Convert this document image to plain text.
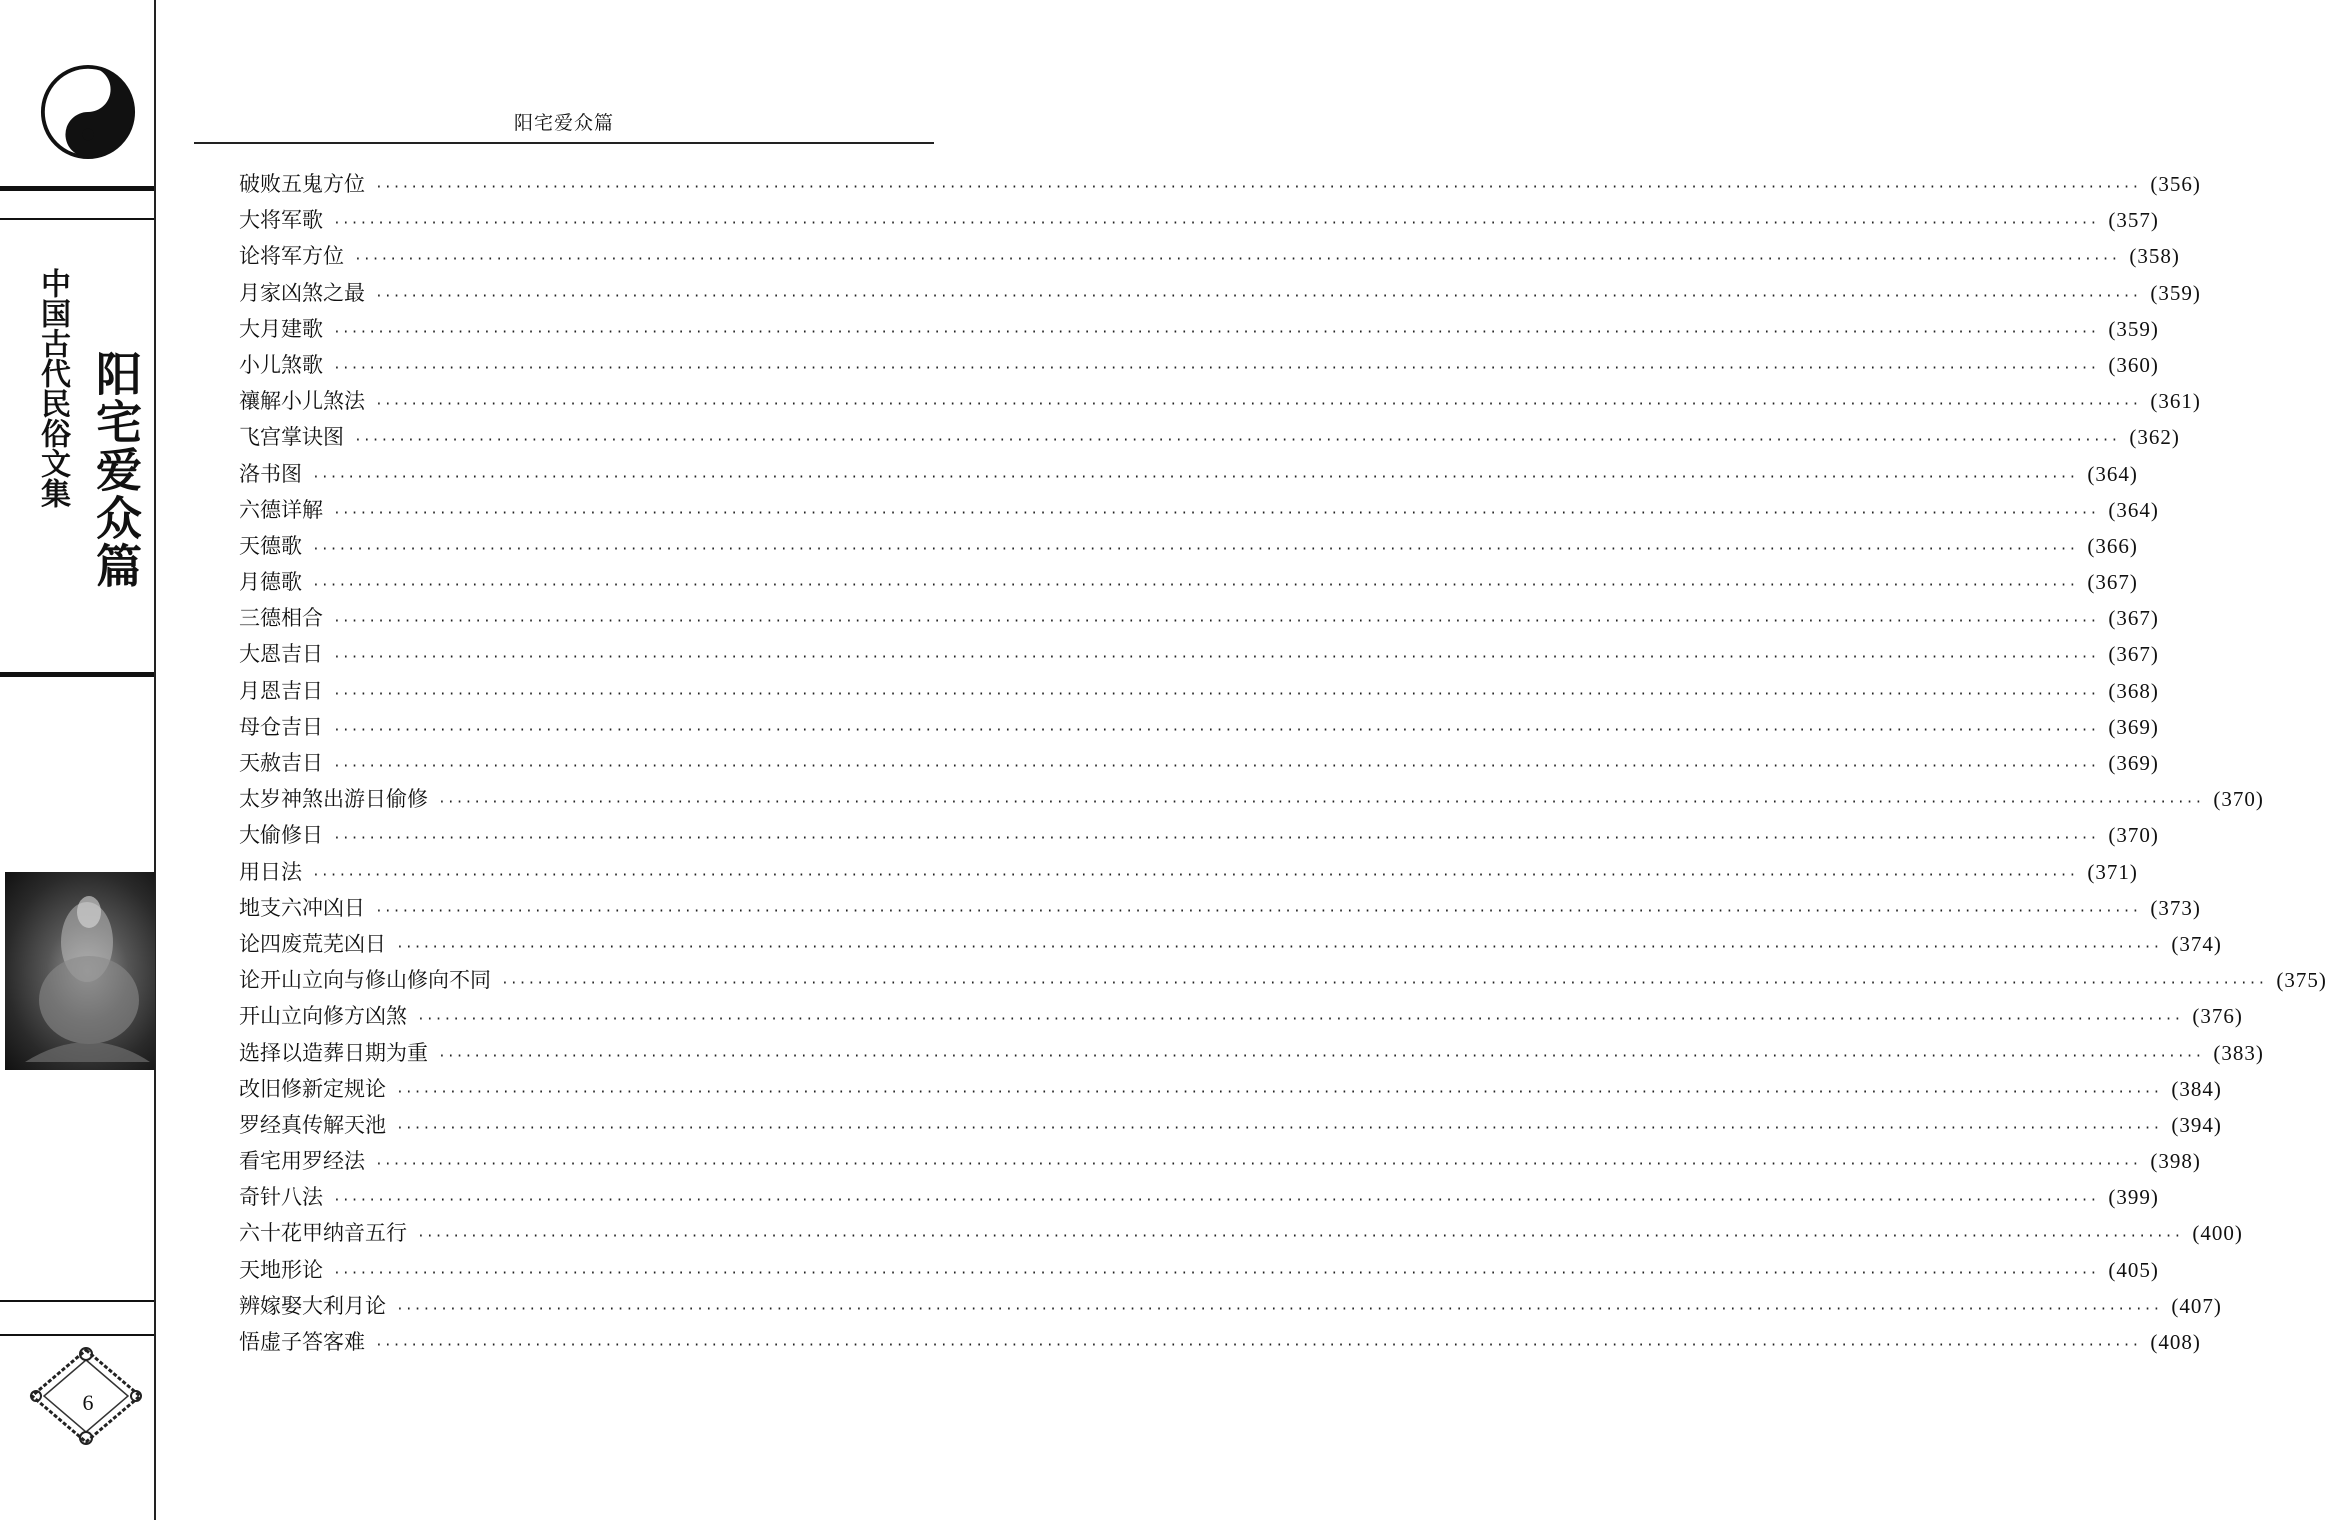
中国古代民俗文集 阳宅爱众篇
6
阳宅爱众篇
破败五鬼方位 ········································································································································································································ (356)
大将军歌 ········································································································································································································ (357)
论将军方位 ········································································································································································································ (358)
月家凶煞之最 ········································································································································································································ (359)
大月建歌 ········································································································································································································ (359)
小儿煞歌 ········································································································································································································ (360)
禳解小儿煞法 ········································································································································································································ (361)
飞宫掌诀图 ········································································································································································································ (362)
洛书图 ········································································································································································································ (364)
六德详解 ········································································································································································································ (364)
天德歌 ········································································································································································································ (366)
月德歌 ········································································································································································································ (367)
三德相合 ········································································································································································································ (367)
大恩吉日 ········································································································································································································ (367)
月恩吉日 ········································································································································································································ (368)
母仓吉日 ········································································································································································································ (369)
天赦吉日 ········································································································································································································ (369)
太岁神煞出游日偷修 ········································································································································································································ (370)
大偷修日 ········································································································································································································ (370)
用日法 ········································································································································································································ (371)
地支六冲凶日 ········································································································································································································ (373)
论四废荒芜凶日 ········································································································································································································ (374)
论开山立向与修山修向不同 ········································································································································································································ (375)
开山立向修方凶煞 ········································································································································································································ (376)
选择以造葬日期为重 ········································································································································································································ (383)
改旧修新定规论 ········································································································································································································ (384)
罗经真传解天池 ········································································································································································································ (394)
看宅用罗经法 ········································································································································································································ (398)
奇针八法 ········································································································································································································ (399)
六十花甲纳音五行 ········································································································································································································ (400)
天地形论 ········································································································································································································ (405)
辨嫁娶大利月论 ········································································································································································································ (407)
悟虚子答客难 ········································································································································································································ (408)
